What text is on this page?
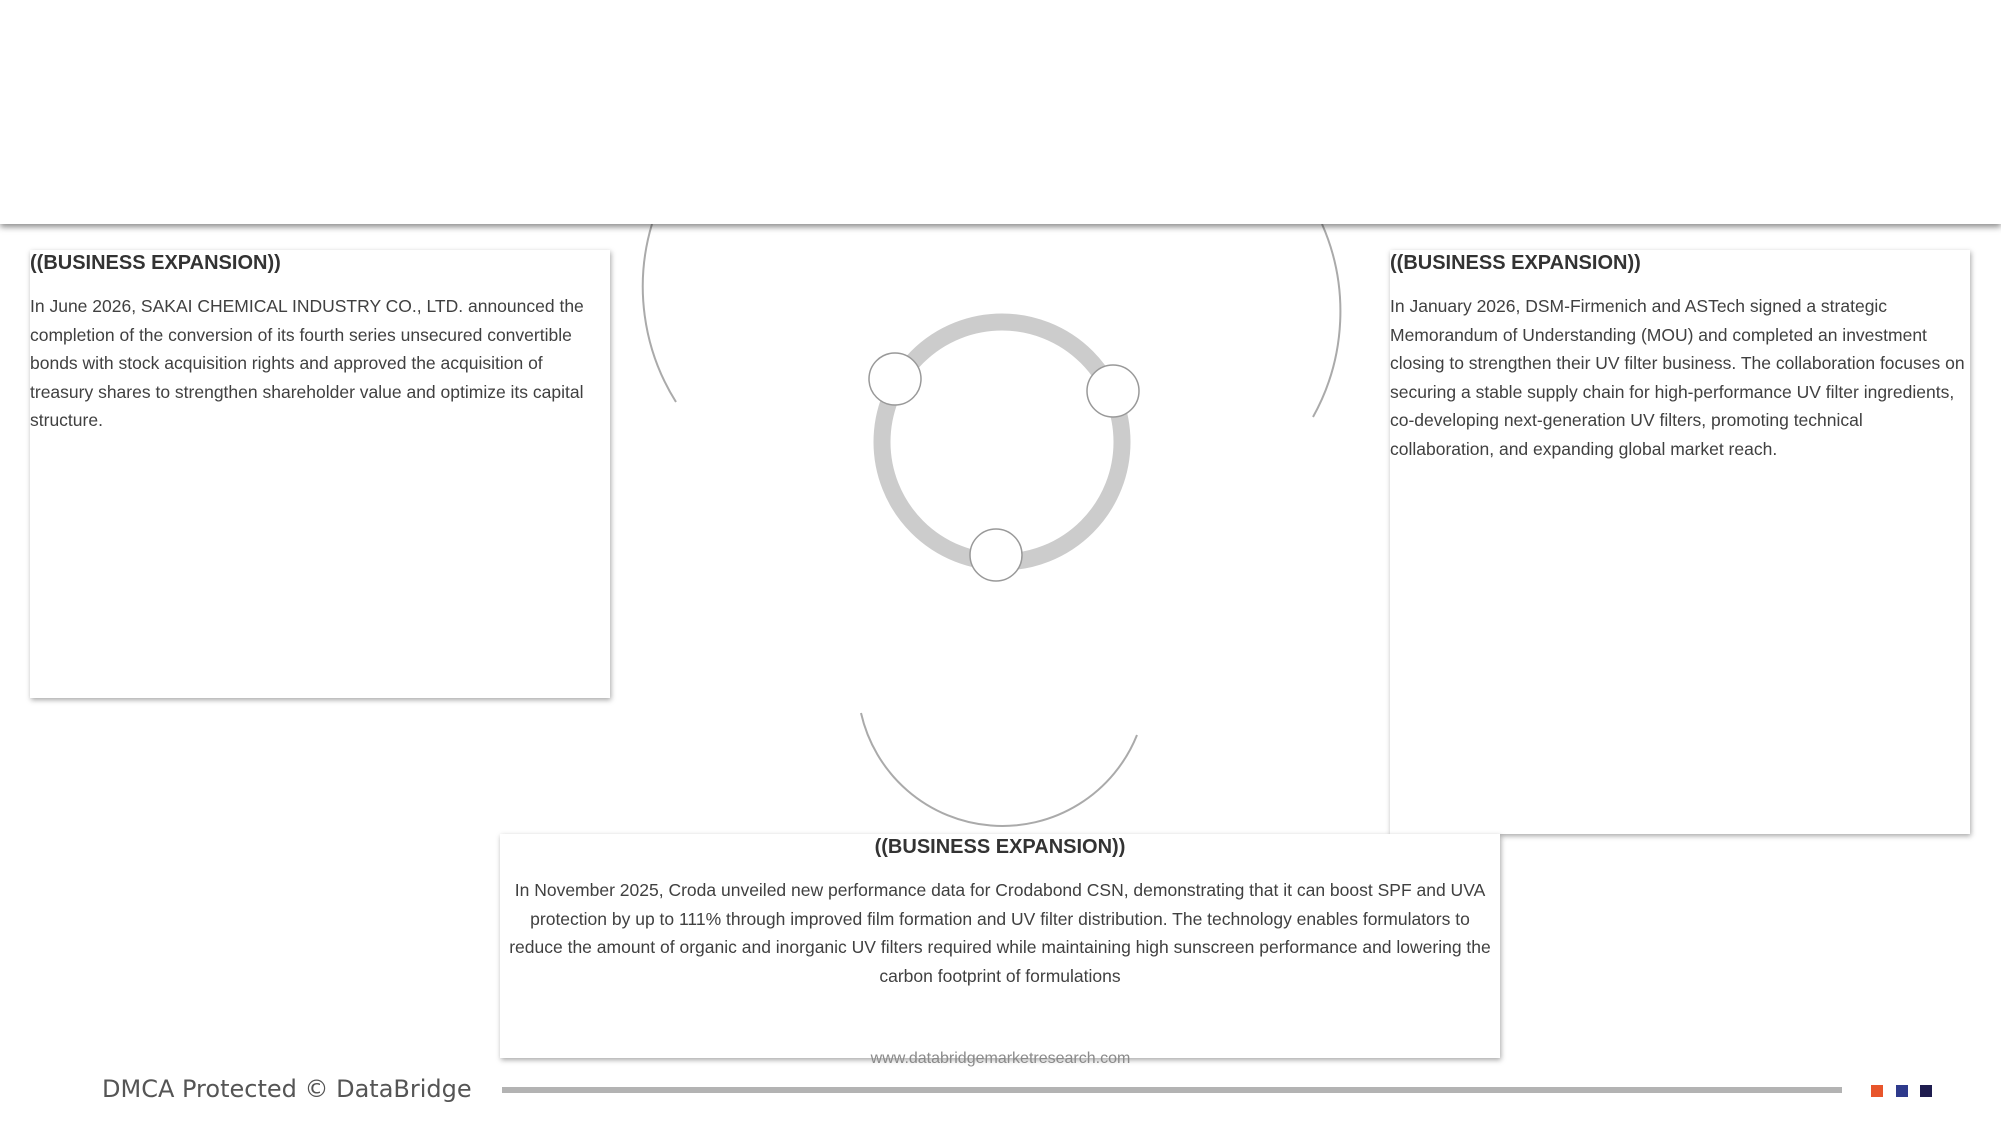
((BUSINESS EXPANSION))

In June 2026, SAKAI CHEMICAL INDUSTRY CO., LTD. announced the completion of the conversion of its fourth series unsecured convertible bonds with stock acquisition rights and approved the acquisition of treasury shares to strengthen shareholder value and optimize its capital structure.

((BUSINESS EXPANSION))

In January 2026, DSM-Firmenich and ASTech signed a strategic Memorandum of Understanding (MOU) and completed an investment closing to strengthen their UV filter business. The collaboration focuses on securing a stable supply chain for high-performance UV filter ingredients, co-developing next-generation UV filters, promoting technical collaboration, and expanding global market reach.

((BUSINESS EXPANSION))

In November 2025, Croda unveiled new performance data for Crodabond CSN, demonstrating that it can boost SPF and UVA protection by up to 111% through improved film formation and UV filter distribution. The technology enables formulators to reduce the amount of organic and inorganic UV filters required while maintaining high sunscreen performance and lowering the carbon footprint of formulations

www.databridgemarketresearch.com
DMCA Protected © DataBridge
